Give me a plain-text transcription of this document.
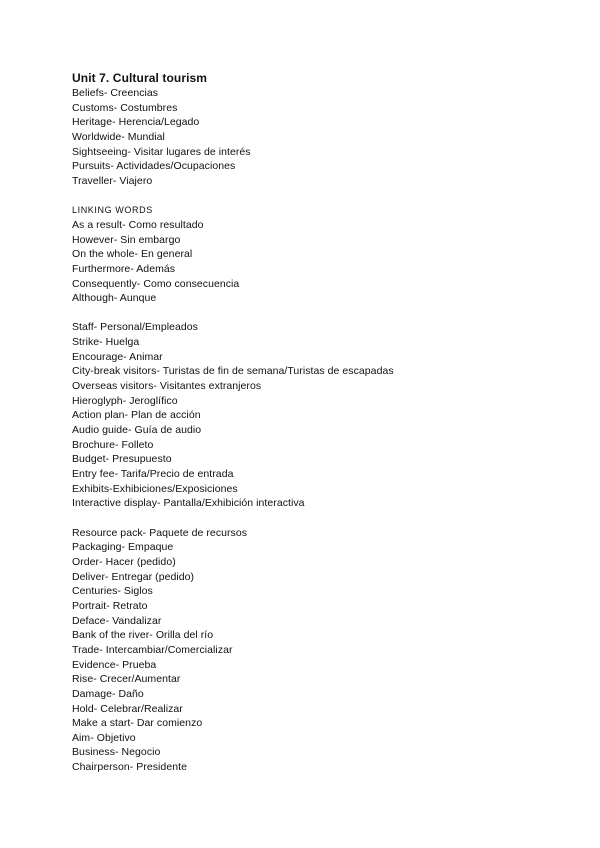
Unit 7. Cultural tourism

Beliefs- Creencias

Customs- Costumbres

Heritage- Herencia/Legado

Worldwide- Mundial

Sightseeing- Visitar lugares de interés

Pursuits- Actividades/Ocupaciones

Traveller- Viajero

LINKING WORDS

As a result- Como resultado

However- Sin embargo

On the whole- En general

Furthermore- Además

Consequently- Como consecuencia

Although- Aunque

Staff- Personal/Empleados

Strike- Huelga

Encourage- Animar

City-break visitors- Turistas de fin de semana/Turistas de escapadas

Overseas visitors- Visitantes extranjeros

Hieroglyph- Jeroglífico

Action plan- Plan de acción

Audio guide- Guía de audio

Brochure- Folleto

Budget- Presupuesto

Entry fee- Tarifa/Precio de entrada

Exhibits-Exhibiciones/Exposiciones

Interactive display- Pantalla/Exhibición interactiva

Resource pack- Paquete de recursos

Packaging- Empaque

Order- Hacer (pedido)

Deliver- Entregar (pedido)

Centuries- Siglos

Portrait- Retrato

Deface- Vandalizar

Bank of the river- Orilla del río

Trade- Intercambiar/Comercializar

Evidence- Prueba

Rise- Crecer/Aumentar

Damage- Daño

Hold- Celebrar/Realizar

Make a start- Dar comienzo

Aim- Objetivo

Business- Negocio

Chairperson- Presidente
